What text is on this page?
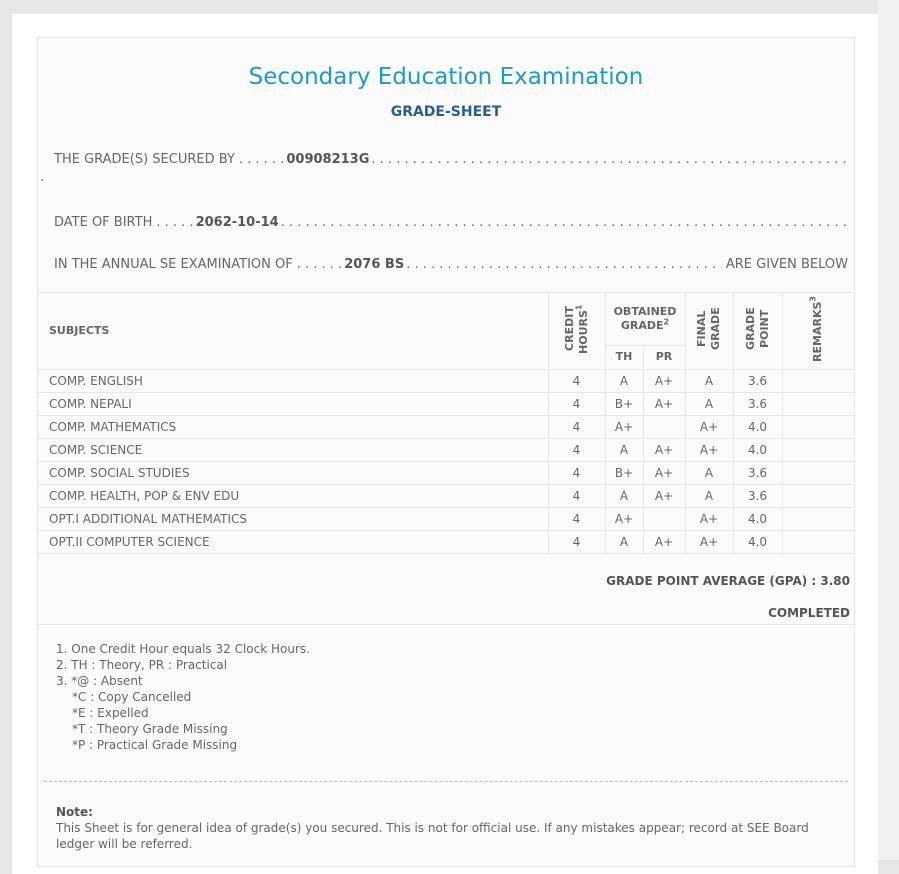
Secondary Education Examination
GRADE-SHEET
THE GRADE(S) SECURED BY . . .	00908213G
. . .
.
DATE OF BIRTH . . .	2062-10-14
. . .
IN THE ANNUAL SE EXAMINATION OF . . .	2076 BS . . .	ARE GIVEN BELOW
SUBJECTS	CREDIT HOURS$^1$	OBTAINED GRADE$^2$		FINAL GRADE	GRADE POINT	REMARKS$^3$
		TH	PR			
COMP. ENGLISH	4	A	A+	A	3.6	
COMP. NEPALI	4	B+	A+	A	3.6	
COMP. MATHEMATICS	4	A+		A+	4.0	
COMP. SCIENCE	4	A	A+	A+	4.0	
COMP. SOCIAL STUDIES	4	B+	A+	A	3.6	
COMP. HEALTH, POP & ENV EDU	4	A	A+	A	3.6	
OPT.I ADDITIONAL MATHEMATICS	4	A+		A+	4.0	
OPT.II COMPUTER SCIENCE	4	A	A+	A+	4.0	
GRADE POINT AVERAGE (GPA) : 3.80
COMPLETED
1. One Credit Hour equals 32 Clock Hours.
2. TH : Theory, PR : Practical
3. *@ : Absent
*C : Copy Cancelled
*E : Expelled
*T : Theory Grade Missing
*P : Practical Grade Missing
Note:
This Sheet is for general idea of grade(s) you secured. This is not for official use. If any mistakes appear; record at SEE Board ledger will be referred.
